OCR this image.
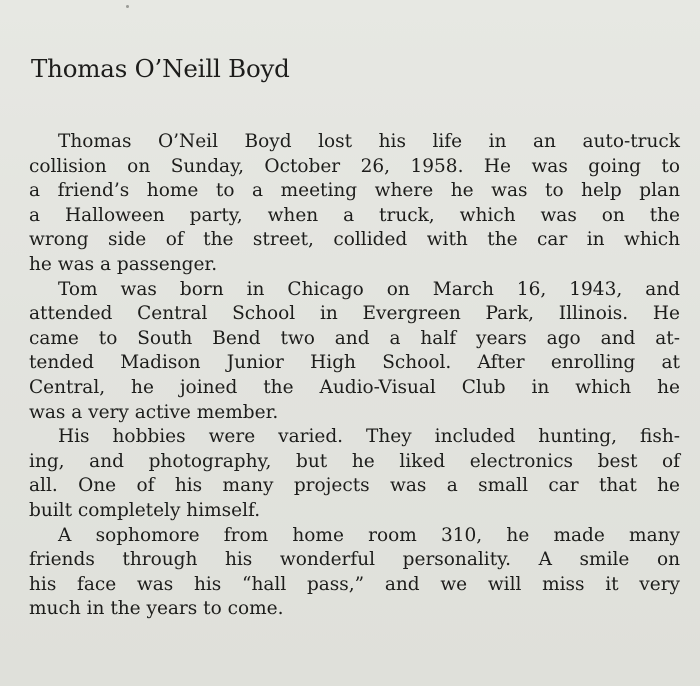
Thomas O’Neill Boyd

Thomas O’Neil Boyd lost his life in an auto-truck
collision on Sunday, October 26, 1958. He was going to
a friend’s home to a meeting where he was to help plan
a Halloween party, when a truck, which was on the
wrong side of the street, collided with the car in which
he was a passenger.

Tom was born in Chicago on March 16, 1943, and
attended Central School in Evergreen Park, Illinois. He
came to South Bend two and a half years ago and at-
tended Madison Junior High School. After enrolling at
Central, he joined the Audio-Visual Club in which he
was a very active member.

His hobbies were varied. They included hunting, fish-
ing, and photography, but he liked electronics best of
all. One of his many projects was a small car that he
built completely himself.

A sophomore from home room 310, he made many
friends through his wonderful personality. A smile on
his face was his “hall pass,” and we will miss it very
much in the years to come.
